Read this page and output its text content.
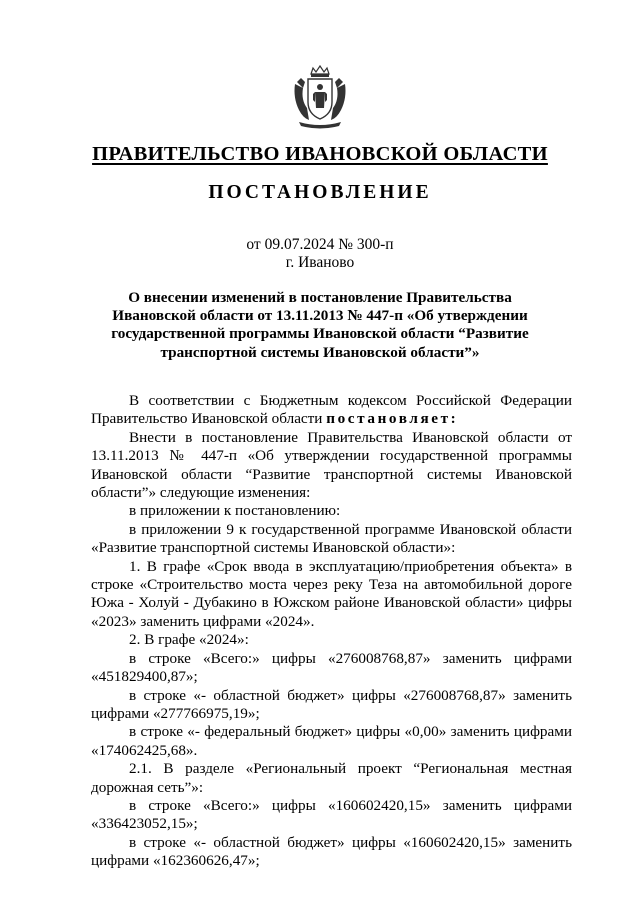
ПРАВИТЕЛЬСТВО ИВАНОВСКОЙ ОБЛАСТИ
ПОСТАНОВЛЕНИЕ
от 09.07.2024 № 300-п
г. Иваново
О внесении изменений в постановление Правительства
Ивановской области от 13.11.2013 № 447-п «Об утверждении
государственной программы Ивановской области “Развитие
транспортной системы Ивановской области”»

В соответствии с Бюджетным кодексом Российской Федерации Правительство Ивановской области постановляет:

Внести в постановление Правительства Ивановской области от 13.11.2013 № 447-п «Об утверждении государственной программы Ивановской области “Развитие транспортной системы Ивановской области”» следующие изменения:

в приложении к постановлению:

в приложении 9 к государственной программе Ивановской области «Развитие транспортной системы Ивановской области»:

1. В графе «Срок ввода в эксплуатацию/приобретения объекта» в строке «Строительство моста через реку Теза на автомобильной дороге Южа - Холуй - Дубакино в Южском районе Ивановской области» цифры «2023» заменить цифрами «2024».

2. В графе «2024»:

в строке «Всего:» цифры «276008768,87» заменить цифрами «451829400,87»;

в строке «- областной бюджет» цифры «276008768,87» заменить цифрами «277766975,19»;

в строке «- федеральный бюджет» цифры «0,00» заменить цифрами «174062425,68».

2.1. В разделе «Региональный проект “Региональная местная дорожная сеть”»:

в строке «Всего:» цифры «160602420,15» заменить цифрами «336423052,15»;

в строке «- областной бюджет» цифры «160602420,15» заменить цифрами «162360626,47»;
